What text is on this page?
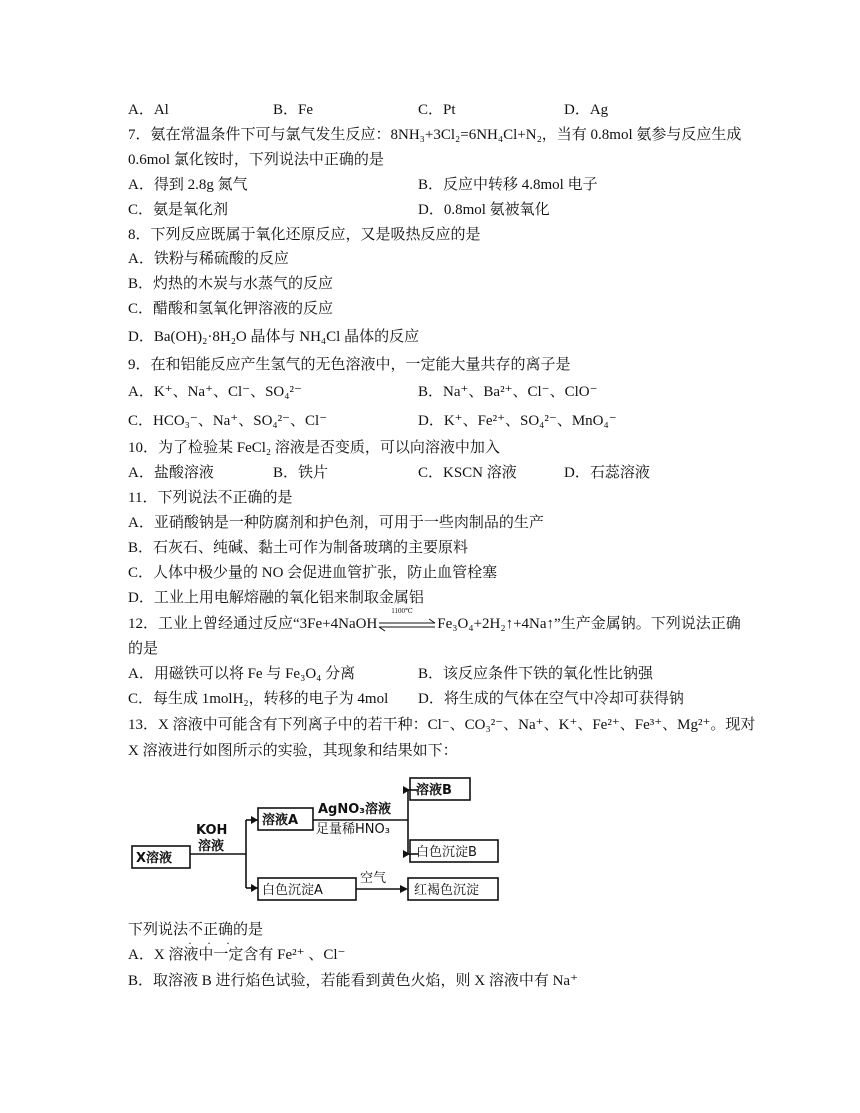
A．Al	B．Fe	C．Pt	D．Ag
7．氨在常温条件下可与氯气发生反应：8NH₃+3Cl₂=6NH₄Cl+N₂，当有 0.8mol 氨参与反应生成
0.6mol 氯化铵时，下列说法中正确的是
A．得到 2.8g 氮气	B．反应中转移 4.8mol 电子
C．氨是氧化剂	D．0.8mol 氨被氧化
8．下列反应既属于氧化还原反应，又是吸热反应的是
A．铁粉与稀硫酸的反应
B．灼热的木炭与水蒸气的反应
C．醋酸和氢氧化钾溶液的反应
D．Ba(OH)₂·8H₂O 晶体与 NH₄Cl 晶体的反应
9．在和铝能反应产生氢气的无色溶液中，一定能大量共存的离子是
A．K⁺、Na⁺、Cl⁻、SO₄²⁻	B．Na⁺、Ba²⁺、Cl⁻、ClO⁻
C．HCO₃⁻、Na⁺、SO₄²⁻、Cl⁻	D．K⁺、Fe²⁺、SO₄²⁻、MnO₄⁻
10．为了检验某 FeCl₂ 溶液是否变质，可以向溶液中加入
A．盐酸溶液	B．铁片	C．KSCN 溶液	D．石蕊溶液
11．下列说法不正确的是
A．亚硝酸钠是一种防腐剂和护色剂，可用于一些肉制品的生产
B．石灰石、纯碱、黏土可作为制备玻璃的主要原料
C．人体中极少量的 NO 会促进血管扩张，防止血管栓塞
D．工业上用电解熔融的氧化铝来制取金属铝
12．工业上曾经通过反应“3Fe+4NaOH
1100℃
Fe₃O₄+2H₂↑+4Na↑”生产金属钠。下列说法正确
的是
A．用磁铁可以将 Fe 与 Fe₃O₄ 分离	B．该反应条件下铁的氧化性比钠强
C．每生成 1molH₂，转移的电子为 4mol D．将生成的气体在空气中冷却可获得钠
13．X 溶液中可能含有下列离子中的若干种：Cl⁻、CO₃²⁻、Na⁺、K⁺、Fe²⁺、Fe³⁺、Mg²⁺。现对
X 溶液进行如图所示的实验，其现象和结果如下：
X溶液
KOH
溶液
溶液A
AgNO₃溶液
足量稀HNO₃
溶液B
白色沉淀B
白色沉淀A
空气
红褐色沉淀
下列说法不正确的是
· · ·
A．X 溶液中一定含有 Fe²⁺ 、Cl⁻
B．取溶液 B 进行焰色试验，若能看到黄色火焰，则 X 溶液中有 Na⁺
